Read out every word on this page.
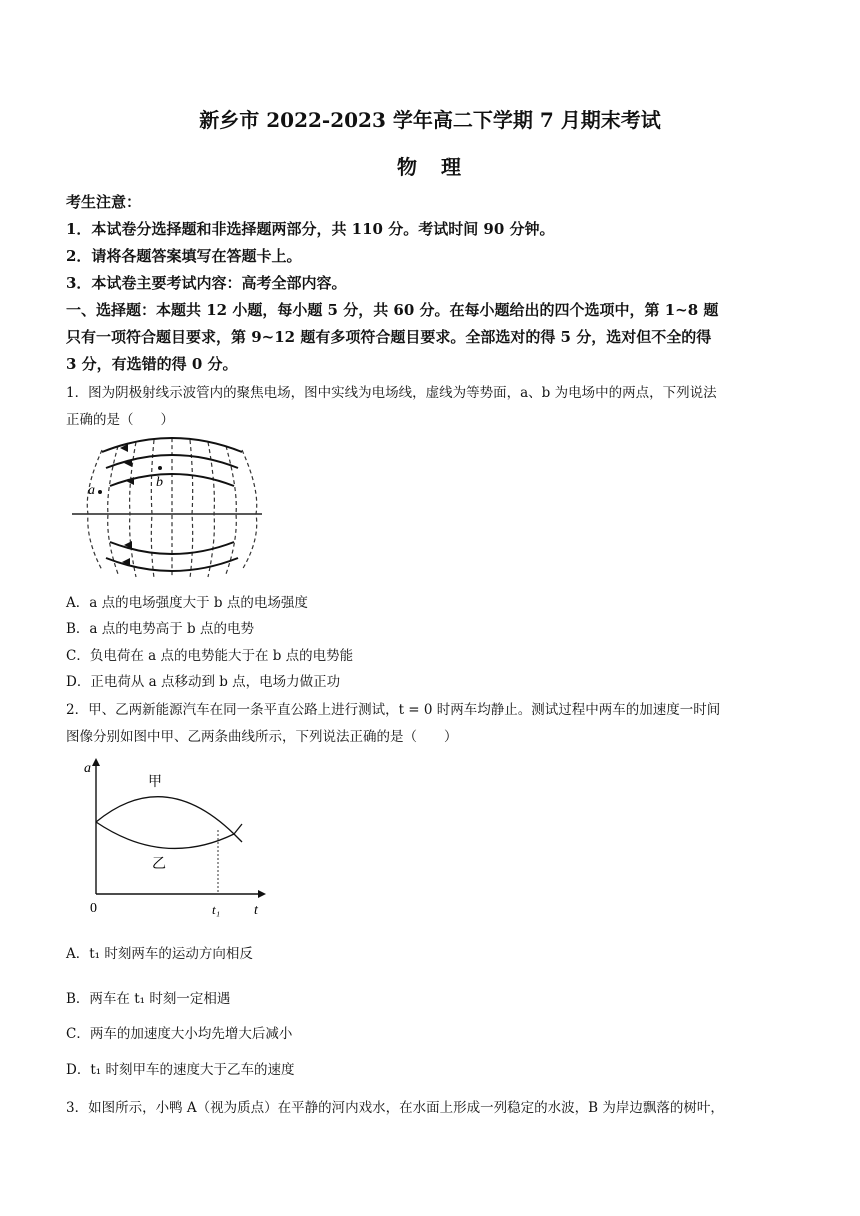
新乡市 2022-2023 学年高二下学期 7 月期末考试
物　理
考生注意：
1．本试卷分选择题和非选择题两部分，共 110 分。考试时间 90 分钟。
2．请将各题答案填写在答题卡上。
3．本试卷主要考试内容：高考全部内容。
一、选择题：本题共 12 小题，每小题 5 分，共 60 分。在每小题给出的四个选项中，第 1~8 题
只有一项符合题目要求，第 9~12 题有多项符合题目要求。全部选对的得 5 分，选对但不全的得
3 分，有选错的得 0 分。
1．图为阴极射线示波管内的聚焦电场，图中实线为电场线，虚线为等势面，a、b 为电场中的两点，下列说法
正确的是（　　）
b
a
A．a 点的电场强度大于 b 点的电场强度
B．a 点的电势高于 b 点的电势
C．负电荷在 a 点的电势能大于在 b 点的电势能
D．正电荷从 a 点移动到 b 点，电场力做正功
2．甲、乙两新能源汽车在同一条平直公路上进行测试，t = 0 时两车均静止。测试过程中两车的加速度一时间
图像分别如图中甲、乙两条曲线所示，下列说法正确的是（　　）
a
t
0	t₁
甲
乙
A．t₁ 时刻两车的运动方向相反
B．两车在 t₁ 时刻一定相遇
C．两车的加速度大小均先增大后减小
D．t₁ 时刻甲车的速度大于乙车的速度
3．如图所示，小鸭 A（视为质点）在平静的河内戏水，在水面上形成一列稳定的水波，B 为岸边飘落的树叶，
